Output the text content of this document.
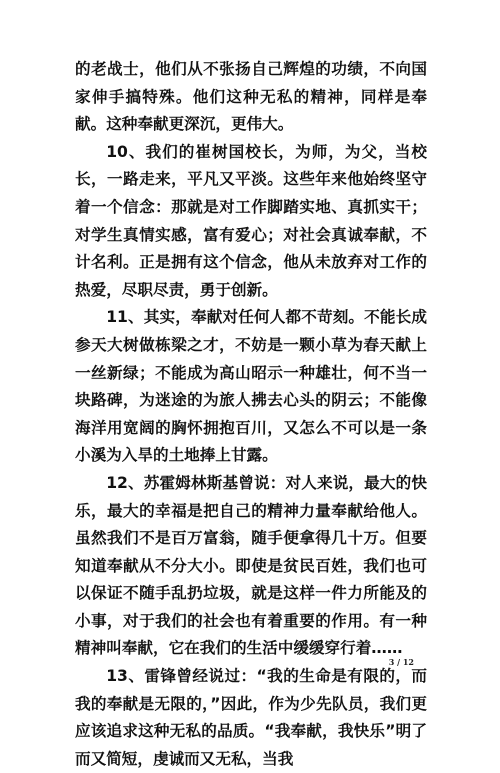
的老战士，他们从不张扬自己辉煌的功绩，不向国家伸手搞特殊。他们这种无私的精神，同样是奉献。这种奉献更深沉，更伟大。

10、我们的崔树国校长，为师，为父，当校长，一路走来，平凡又平淡。这些年来他始终坚守着一个信念：那就是对工作脚踏实地、真抓实干；对学生真情实感，富有爱心；对社会真诚奉献，不计名利。正是拥有这个信念，他从未放弃对工作的热爱，尽职尽责，勇于创新。

11、其实，奉献对任何人都不苛刻。不能长成参天大树做栋梁之才，不妨是一颗小草为春天献上一丝新绿；不能成为高山昭示一种雄壮，何不当一块路碑，为迷途的为旅人拂去心头的阴云；不能像海洋用宽阔的胸怀拥抱百川，又怎么不可以是一条小溪为入旱的土地捧上甘露。

12、苏霍姆林斯基曾说：对人来说，最大的快乐，最大的幸福是把自己的精神力量奉献给他人。虽然我们不是百万富翁，随手便拿得几十万。但要知道奉献从不分大小。即使是贫民百姓，我们也可以保证不随手乱扔垃圾，就是这样一件力所能及的小事，对于我们的社会也有着重要的作用。有一种精神叫奉献，它在我们的生活中缓缓穿行着……

13、雷锋曾经说过：“我的生命是有限的，而我的奉献是无限的，”因此，作为少先队员，我们更应该追求这种无私的品质。“我奉献，我快乐”明了而又简短，虔诚而又无私，当我

3 / 12
